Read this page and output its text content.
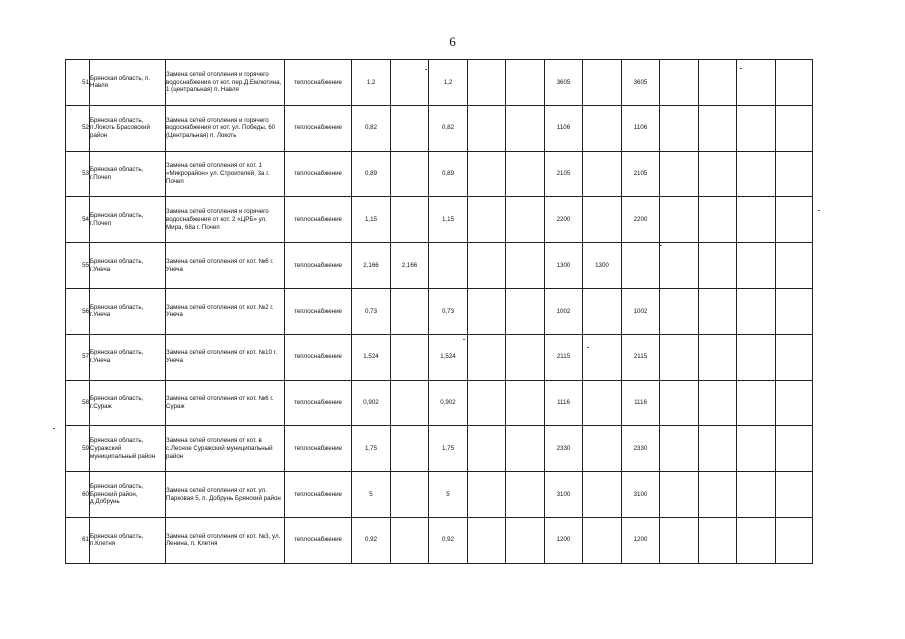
6
51	Брянская область, п. Навля	Замена сетей отопления и горячего водоснабжения от кот. пер.Д.Емлютина, 1 (центральная) п. Навля	теплоснабжение	1,2		1,2			3605		3605				
52	Брянская область, п.Локоть Брасовский район	Замена сетей отопления и горячего водоснабжения от кот. ул. Победы, 60 (Центральная) п. Локоть	теплоснабжение	0,82		0,82			1106		1106				
53	Брянская область, г.Почеп	Замена сетей отопления от кот. 1 «Микрорайон» ул. Строителей, 3а г. Почеп	теплоснабжение	0,89		0,89			2105		2105				
54	Брянская область, г.Почеп	Замена сетей отопления и горячего водоснабжения от кот. 2 «ЦРБ» ул. Мира, 68а г. Почеп	теплоснабжение	1,15		1,15			2200		2200				
55	Брянская область, г.Унеча	Замена сетей отопления от кот. №6 г. Унеча	теплоснабжение	2,166	2,166				1300	1300					
56	Брянская область, г.Унеча	Замена сетей отопления от кот. №2 г. Унеча	теплоснабжение	0,73		0,73			1002		1002				
57	Брянская область, г.Унеча	Замена сетей отопления от кот. №10 г. Унеча	теплоснабжение	1,524		1,524			2115		2115				
58	Брянская область, г.Сураж	Замена сетей отопления от кот. №6 г. Сураж	теплоснабжение	0,902		0,902			1116		1116				
59	Брянская область, Суражский муниципальный район	Замена сетей отопления от кот. в с.Лесное Суражский муниципальный район	теплоснабжение	1,75		1,75			2330		2330				
60	Брянская область, Брянский район, д.Добрунь	Замена сетей отопления от кот. ул. Парковая 5, п. Добрунь Брянский район	теплоснабжение	5		5			3100		3100				
61	Брянская область, п.Клетня	Замена сетей отопления от кот. №3, ул. Ленина, п. Клетня	теплоснабжение	0,92		0,92			1200		1200				
